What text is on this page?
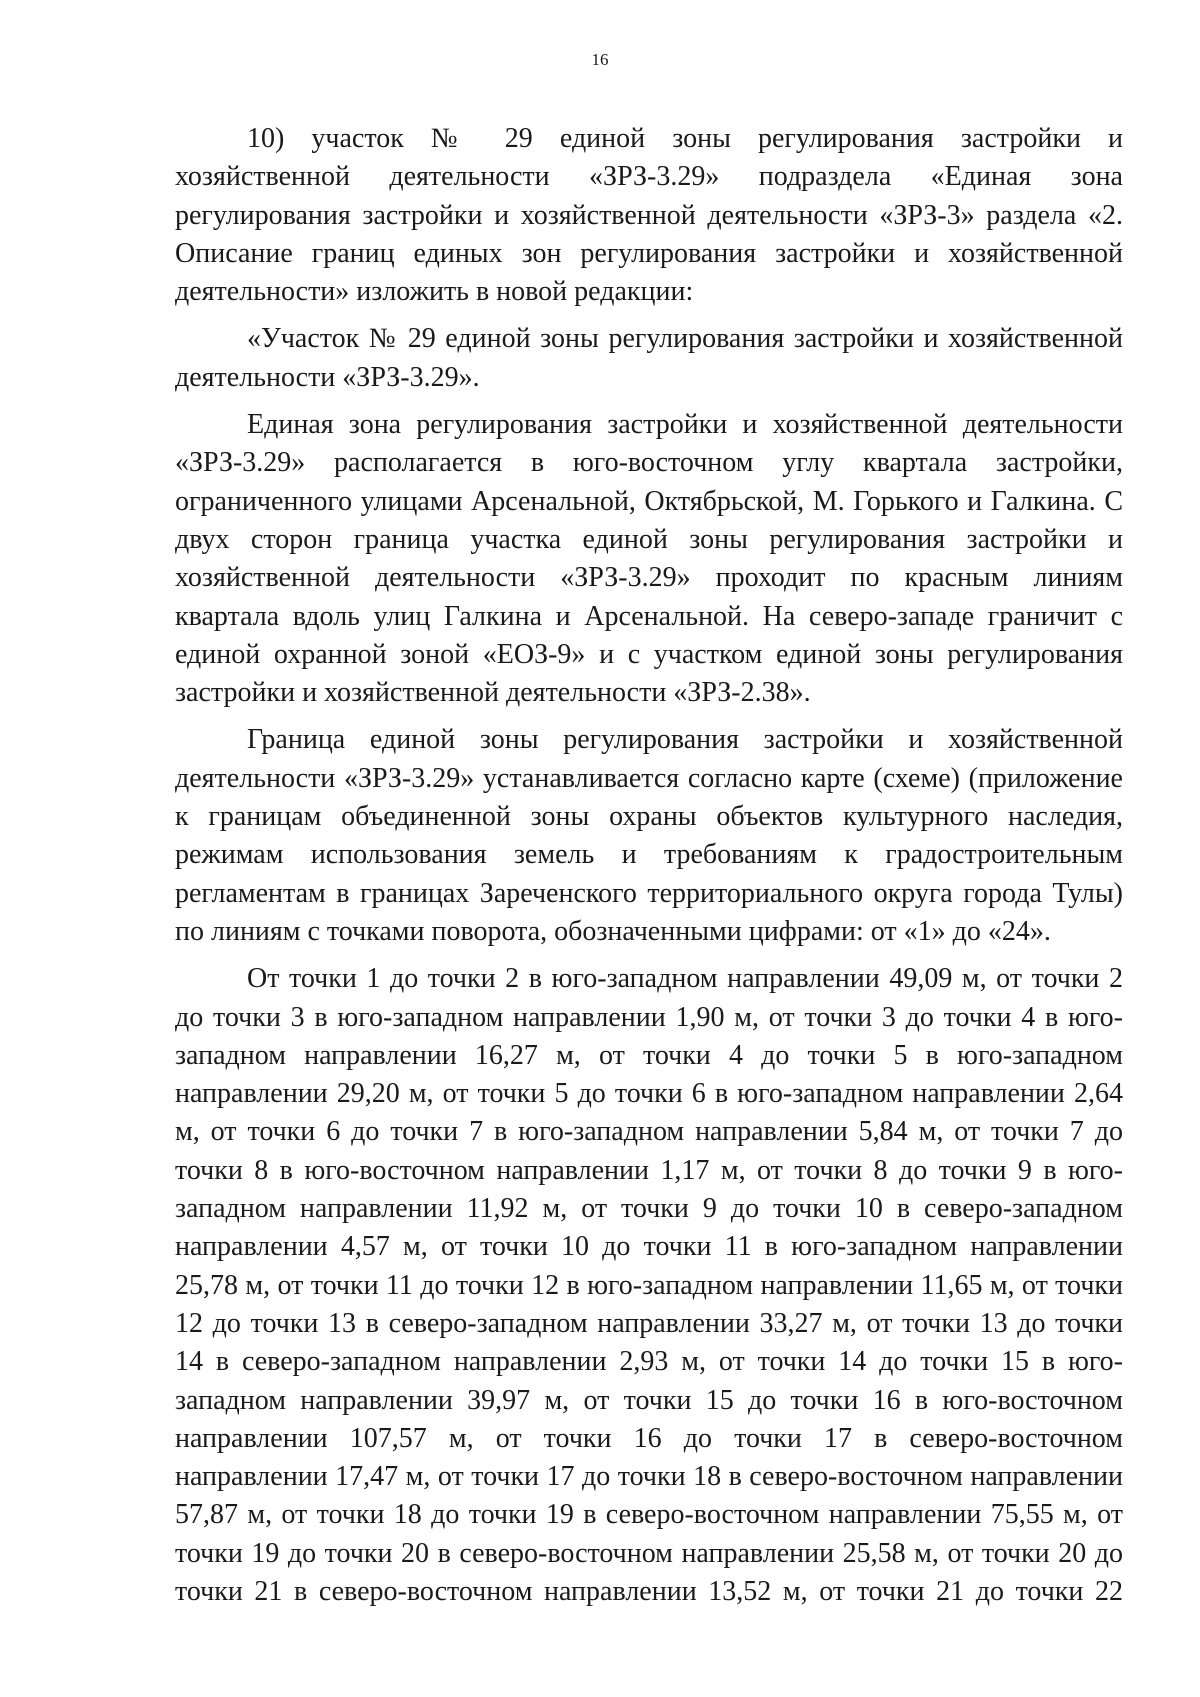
16

10) участок № 29 единой зоны регулирования застройки и хозяйственной деятельности «ЗРЗ-3.29» подраздела «Единая зона регулирования застройки и хозяйственной деятельности «ЗРЗ-3» раздела «2. Описание границ единых зон регулирования застройки и хозяйственной деятельности» изложить в новой редакции:

«Участок № 29 единой зоны регулирования застройки и хозяйственной деятельности «ЗРЗ-3.29».

Единая зона регулирования застройки и хозяйственной деятельности «ЗРЗ-3.29» располагается в юго-восточном углу квартала застройки, ограниченного улицами Арсенальной, Октябрьской, М. Горького и Галкина. С двух сторон граница участка единой зоны регулирования застройки и хозяйственной деятельности «ЗРЗ-3.29» проходит по красным линиям квартала вдоль улиц Галкина и Арсенальной. На северо-западе граничит с единой охранной зоной «ЕОЗ-9» и с участком единой зоны регулирования застройки и хозяйственной деятельности «ЗРЗ-2.38».

Граница единой зоны регулирования застройки и хозяйственной деятельности «ЗРЗ-3.29» устанавливается согласно карте (схеме) (приложение к границам объединенной зоны охраны объектов культурного наследия, режимам использования земель и требованиям к градостроительным регламентам в границах Зареченского территориального округа города Тулы) по линиям с точками поворота, обозначенными цифрами: от «1» до «24».

От точки 1 до точки 2 в юго-западном направлении 49,09 м, от точки 2 до точки 3 в юго-западном направлении 1,90 м, от точки 3 до точки 4 в юго-западном направлении 16,27 м, от точки 4 до точки 5 в юго-западном направлении 29,20 м, от точки 5 до точки 6 в юго-западном направлении 2,64 м, от точки 6 до точки 7 в юго-западном направлении 5,84 м, от точки 7 до точки 8 в юго-восточном направлении 1,17 м, от точки 8 до точки 9 в юго-западном направлении 11,92 м, от точки 9 до точки 10 в северо-западном направлении 4,57 м, от точки 10 до точки 11 в юго-западном направлении 25,78 м, от точки 11 до точки 12 в юго-западном направлении 11,65 м, от точки 12 до точки 13 в северо-западном направлении 33,27 м, от точки 13 до точки 14 в северо-западном направлении 2,93 м, от точки 14 до точки 15 в юго-западном направлении 39,97 м, от точки 15 до точки 16 в юго-восточном направлении 107,57 м, от точки 16 до точки 17 в северо-восточном направлении 17,47 м, от точки 17 до точки 18 в северо-восточном направлении 57,87 м, от точки 18 до точки 19 в северо-восточном направлении 75,55 м, от точки 19 до точки 20 в северо-восточном направлении 25,58 м, от точки 20 до точки 21 в северо-восточном направлении 13,52 м, от точки 21 до точки 22
